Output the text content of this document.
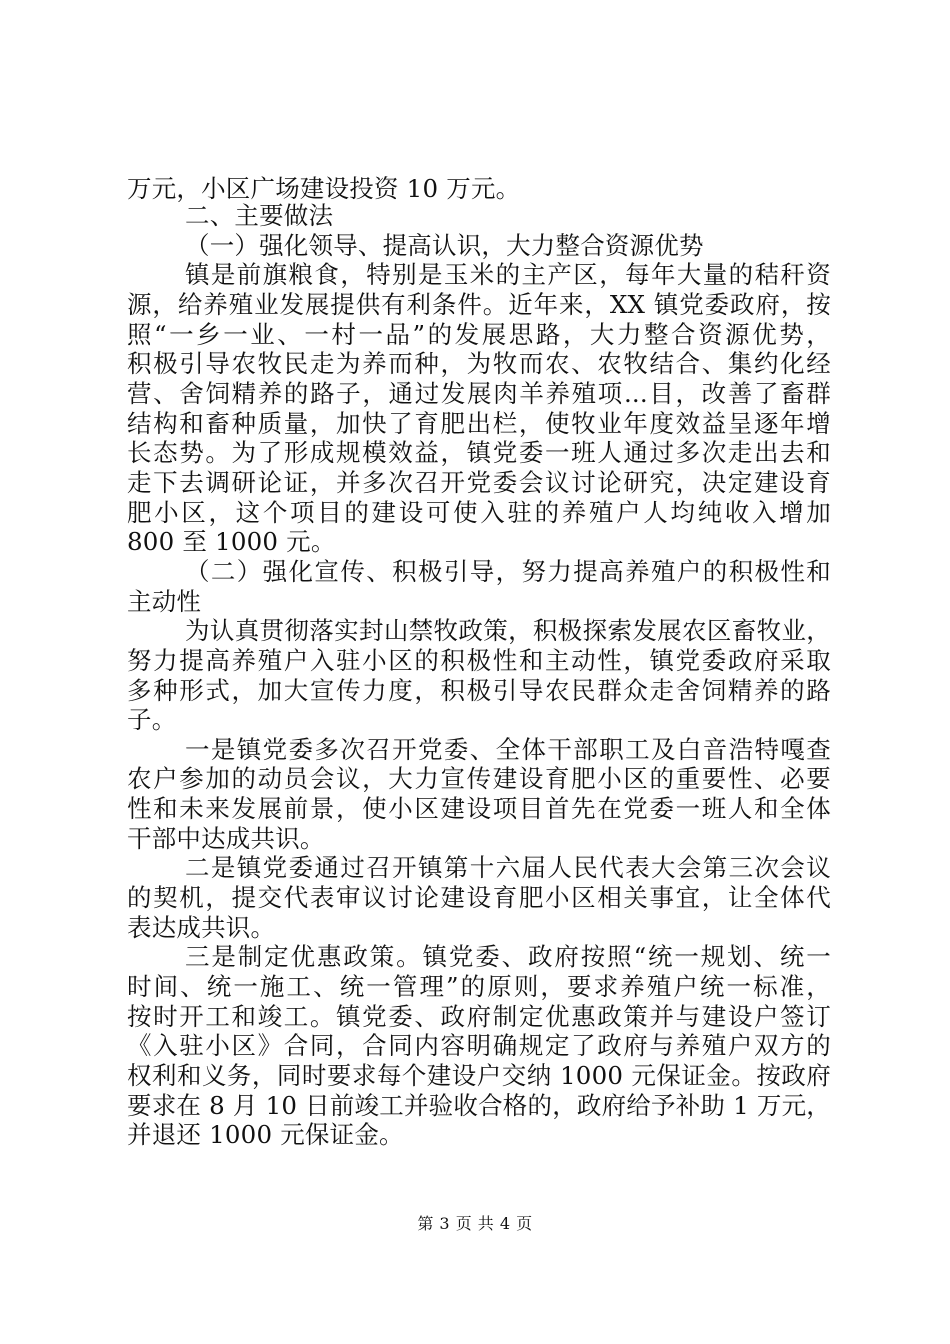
万元，小区广场建设投资 10 万元。
二、主要做法
（一）强化领导、提高认识，大力整合资源优势
镇是前旗粮食，特别是玉米的主产区，每年大量的秸秆资
源，给养殖业发展提供有利条件。近年来，XX 镇党委政府，按
照“一乡一业、一村一品”的发展思路，大力整合资源优势，
积极引导农牧民走为养而种，为牧而农、农牧结合、集约化经
营、舍饲精养的路子，通过发展肉羊养殖项...目，改善了畜群
结构和畜种质量，加快了育肥出栏，使牧业年度效益呈逐年增
长态势。为了形成规模效益，镇党委一班人通过多次走出去和
走下去调研论证，并多次召开党委会议讨论研究，决定建设育
肥小区，这个项目的建设可使入驻的养殖户人均纯收入增加
800 至 1000 元。
（二）强化宣传、积极引导，努力提高养殖户的积极性和
主动性
为认真贯彻落实封山禁牧政策，积极探索发展农区畜牧业，
努力提高养殖户入驻小区的积极性和主动性，镇党委政府采取
多种形式，加大宣传力度，积极引导农民群众走舍饲精养的路
子。
一是镇党委多次召开党委、全体干部职工及白音浩特嘎查
农户参加的动员会议，大力宣传建设育肥小区的重要性、必要
性和未来发展前景，使小区建设项目首先在党委一班人和全体
干部中达成共识。
二是镇党委通过召开镇第十六届人民代表大会第三次会议
的契机，提交代表审议讨论建设育肥小区相关事宜，让全体代
表达成共识。
三是制定优惠政策。镇党委、政府按照“统一规划、统一
时间、统一施工、统一管理”的原则，要求养殖户统一标准，
按时开工和竣工。镇党委、政府制定优惠政策并与建设户签订
《入驻小区》合同，合同内容明确规定了政府与养殖户双方的
权利和义务，同时要求每个建设户交纳 1000 元保证金。按政府
要求在 8 月 10 日前竣工并验收合格的，政府给予补助 1 万元，
并退还 1000 元保证金。
第 3 页 共 4 页
